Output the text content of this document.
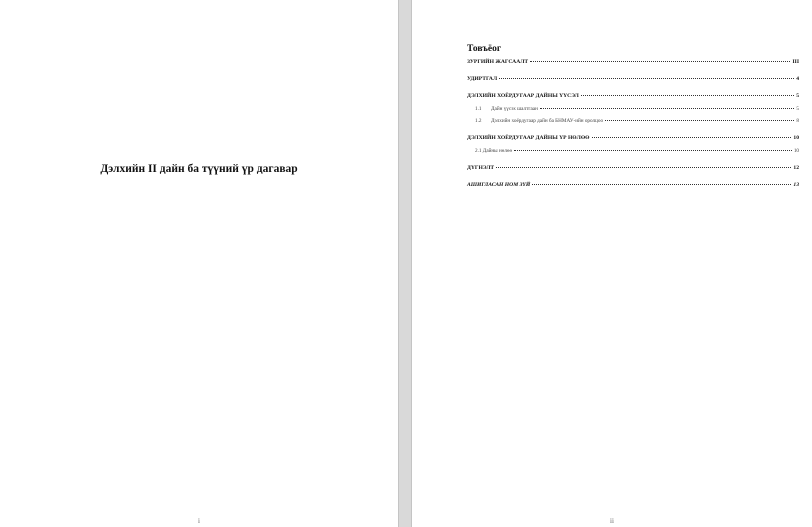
Дэлхийн II дайн ба түүний үр дагавар
i
Товъёог
ЗУРГИЙН ЖАГСААЛТ	III
УДИРТГАЛ	4
ДЭЛХИЙН ХОЁРДУГААР ДАЙНЫ ҮҮСЭЛ	5
1.1	Дайн үүсэх шалтгаан	5
1.2	Дэлхийн хоёрдугаар дайн ба БНМАУ-ийн оролцоо	8
ДЭЛХИЙН ХОЁРДУГААР ДАЙНЫ ҮР НӨЛӨӨ	10
2.1 Дайны нөлөө	10
ДҮГНЭЛТ	12
АШИГЛАСАН НОМ ЗҮЙ	13
ii
